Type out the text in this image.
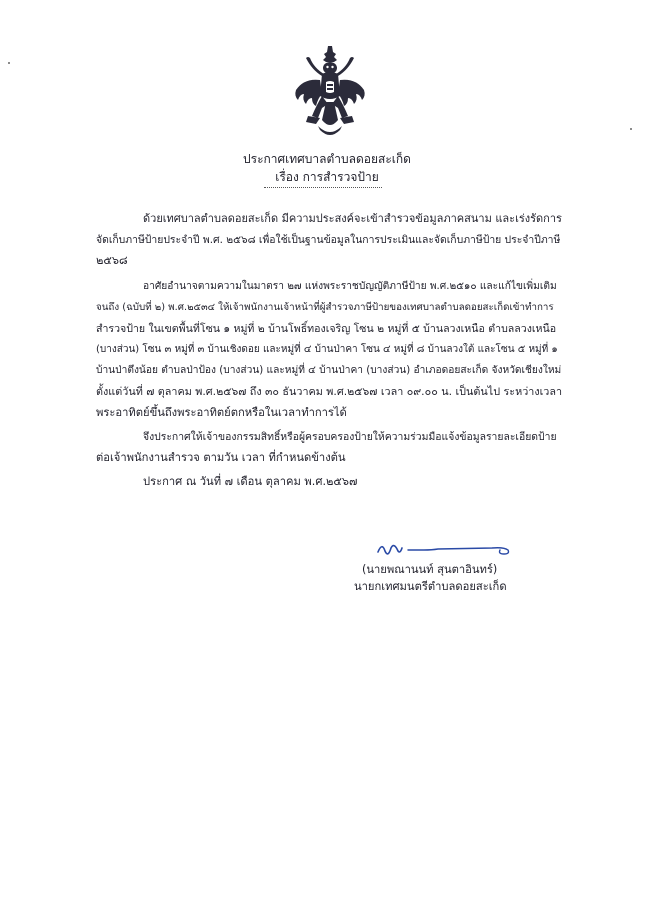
ประกาศเทศบาลตำบลดอยสะเก็ด
เรื่อง การสำรวจป้าย
ด้วยเทศบาลตำบลดอยสะเก็ด มีความประสงค์จะเข้าสำรวจข้อมูลภาคสนาม และเร่งรัดการ
จัดเก็บภาษีป้ายประจำปี พ.ศ. ๒๕๖๘ เพื่อใช้เป็นฐานข้อมูลในการประเมินและจัดเก็บภาษีป้าย ประจำปีภาษี
๒๕๖๘
อาศัยอำนาจตามความในมาตรา ๒๗ แห่งพระราชบัญญัติภาษีป้าย พ.ศ.๒๕๑๐ และแก้ไขเพิ่มเติม
จนถึง (ฉบับที่ ๒) พ.ศ.๒๕๓๔ ให้เจ้าพนักงานเจ้าหน้าที่ผู้สำรวจภาษีป้ายของเทศบาลตำบลดอยสะเก็ดเข้าทำการ
สำรวจป้าย ในเขตพื้นที่โซน ๑ หมู่ที่ ๒ บ้านโพธิ์ทองเจริญ โซน ๒ หมู่ที่ ๕ บ้านลวงเหนือ ตำบลลวงเหนือ
(บางส่วน) โซน ๓ หมู่ที่ ๓ บ้านเชิงดอย และหมู่ที่ ๔ บ้านป่าคา โซน ๔ หมู่ที่ ๘ บ้านลวงใต้ และโซน ๕ หมู่ที่ ๑
บ้านป่าตึงน้อย ตำบลป่าป้อง (บางส่วน) และหมู่ที่ ๔ บ้านป่าคา (บางส่วน) อำเภอดอยสะเก็ด จังหวัดเชียงใหม่
ตั้งแต่วันที่ ๗ ตุลาคม พ.ศ.๒๕๖๗ ถึง ๓๐ ธันวาคม พ.ศ.๒๕๖๗ เวลา ๐๙.๐๐ น. เป็นต้นไป ระหว่างเวลา
พระอาทิตย์ขึ้นถึงพระอาทิตย์ตกหรือในเวลาทำการได้
จึงประกาศให้เจ้าของกรรมสิทธิ์หรือผู้ครอบครองป้ายให้ความร่วมมือแจ้งข้อมูลรายละเอียดป้าย
ต่อเจ้าพนักงานสำรวจ ตามวัน เวลา ที่กำหนดข้างต้น
ประกาศ ณ วันที่ ๗ เดือน ตุลาคม พ.ศ.๒๕๖๗
(นายพณานนท์ สุนตาอินทร์)
นายกเทศมนตรีตำบลดอยสะเก็ด
